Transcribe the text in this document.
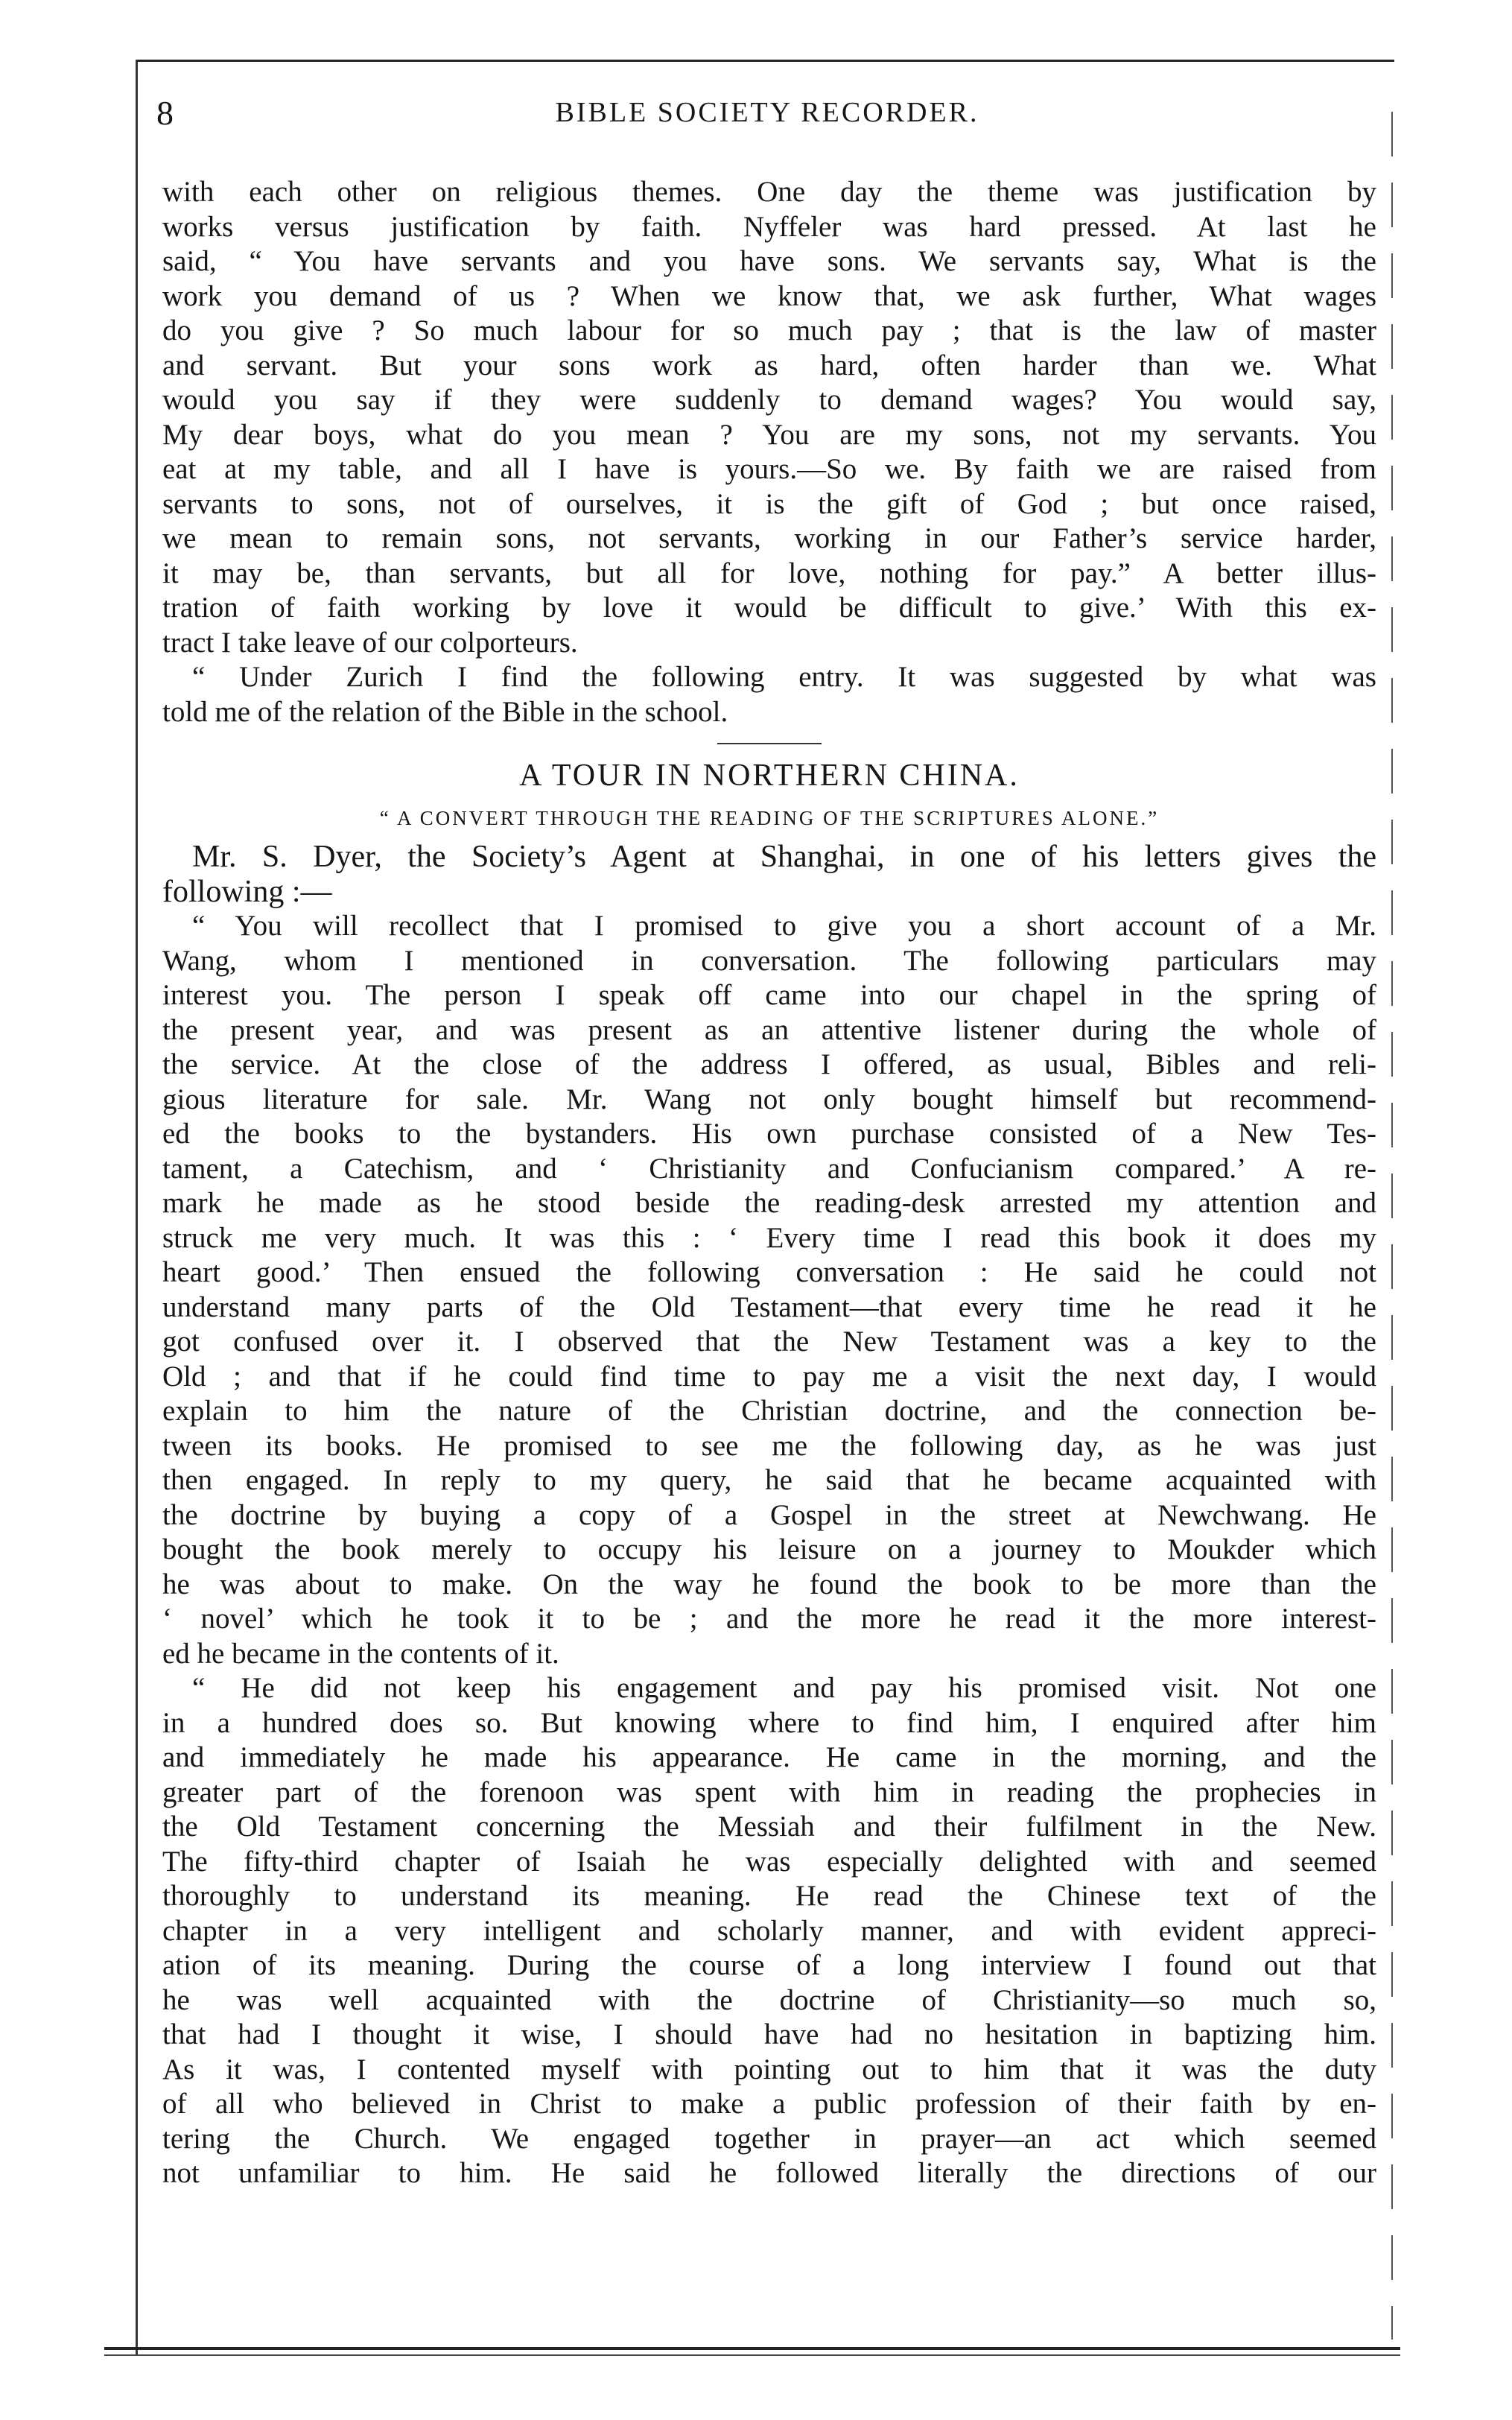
8	BIBLE SOCIETY RECORDER.
with each other on religious themes. One day the theme was justification by
works versus justification by faith. Nyffeler was hard pressed. At last he
said, “ You have servants and you have sons. We servants say, What is the
work you demand of us ? When we know that, we ask further, What wages
do you give ? So much labour for so much pay ; that is the law of master
and servant. But your sons work as hard, often harder than we. What
would you say if they were suddenly to demand wages? You would say,
My dear boys, what do you mean ? You are my sons, not my servants. You
eat at my table, and all I have is yours.—So we. By faith we are raised from
servants to sons, not of ourselves, it is the gift of God ; but once raised,
we mean to remain sons, not servants, working in our Father’s service harder,
it may be, than servants, but all for love, nothing for pay.” A better illus-
tration of faith working by love it would be difficult to give.’ With this ex-
tract I take leave of our colporteurs.
“ Under Zurich I find the following entry. It was suggested by what was
told me of the relation of the Bible in the school.
A TOUR IN NORTHERN CHINA.
“ A CONVERT THROUGH THE READING OF THE SCRIPTURES ALONE.”
Mr. S. Dyer, the Society’s Agent at Shanghai, in one of his letters gives the
following :—
“ You will recollect that I promised to give you a short account of a Mr.
Wang, whom I mentioned in conversation. The following particulars may
interest you. The person I speak off came into our chapel in the spring of
the present year, and was present as an attentive listener during the whole of
the service. At the close of the address I offered, as usual, Bibles and reli-
gious literature for sale. Mr. Wang not only bought himself but recommend-
ed the books to the bystanders. His own purchase consisted of a New Tes-
tament, a Catechism, and ‘ Christianity and Confucianism compared.’ A re-
mark he made as he stood beside the reading-desk arrested my attention and
struck me very much. It was this : ‘ Every time I read this book it does my
heart good.’ Then ensued the following conversation : He said he could not
understand many parts of the Old Testament—that every time he read it he
got confused over it. I observed that the New Testament was a key to the
Old ; and that if he could find time to pay me a visit the next day, I would
explain to him the nature of the Christian doctrine, and the connection be-
tween its books. He promised to see me the following day, as he was just
then engaged. In reply to my query, he said that he became acquainted with
the doctrine by buying a copy of a Gospel in the street at Newchwang. He
bought the book merely to occupy his leisure on a journey to Moukder which
he was about to make. On the way he found the book to be more than the
‘ novel’ which he took it to be ; and the more he read it the more interest-
ed he became in the contents of it.
“ He did not keep his engagement and pay his promised visit. Not one
in a hundred does so. But knowing where to find him, I enquired after him
and immediately he made his appearance. He came in the morning, and the
greater part of the forenoon was spent with him in reading the prophecies in
the Old Testament concerning the Messiah and their fulfilment in the New.
The fifty-third chapter of Isaiah he was especially delighted with and seemed
thoroughly to understand its meaning. He read the Chinese text of the
chapter in a very intelligent and scholarly manner, and with evident appreci-
ation of its meaning. During the course of a long interview I found out that
he was well acquainted with the doctrine of Christianity—so much so,
that had I thought it wise, I should have had no hesitation in baptizing him.
As it was, I contented myself with pointing out to him that it was the duty
of all who believed in Christ to make a public profession of their faith by en-
tering the Church. We engaged together in prayer—an act which seemed
not unfamiliar to him. He said he followed literally the directions of our
